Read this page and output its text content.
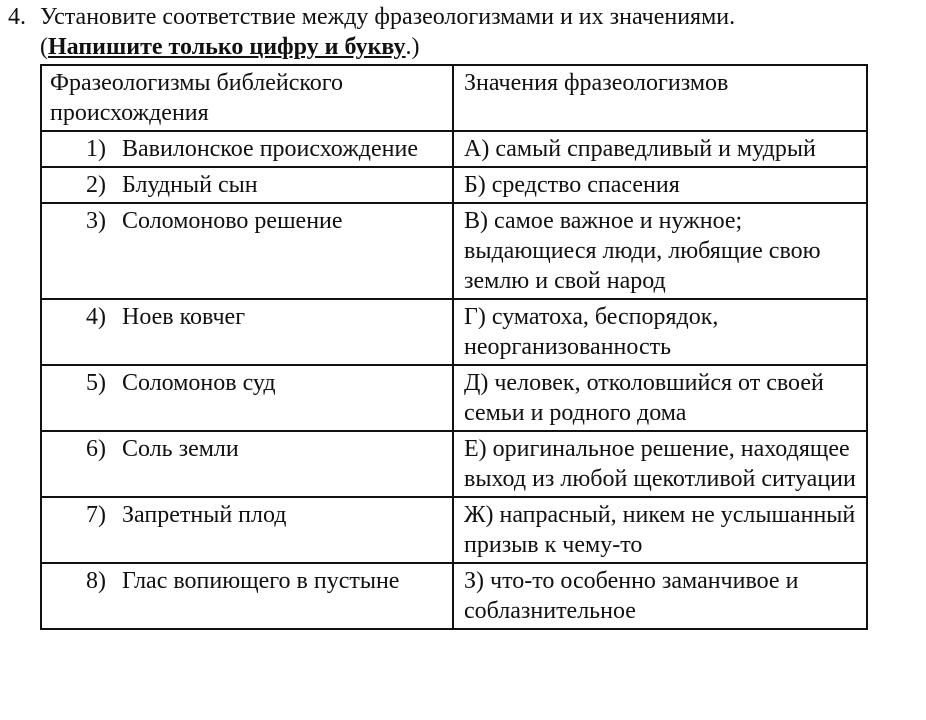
4. Установите соответствие между фразеологизмами и их значениями.
(Напишите только цифру и букву.)
Фразеологизмы библейского происхождения	Значения фразеологизмов

1) Вавилонское происхождение	А) самый справедливый и мудрый

2) Блудный сын	Б) средство спасения

3) Соломоново решение	В) самое важное и нужное; выдающиеся люди, любящие свою землю и свой народ

4) Ноев ковчег	Г) суматоха, беспорядок, неорганизованность

5) Соломонов суд	Д) человек, отколовшийся от своей семьи и родного дома

6) Соль земли	Е) оригинальное решение, находящее выход из любой щекотливой ситуации

7) Запретный плод	Ж) напрасный, никем не услышанный призыв к чему-то

8) Глас вопиющего в пустыне	З) что-то особенно заманчивое и соблазнительное
